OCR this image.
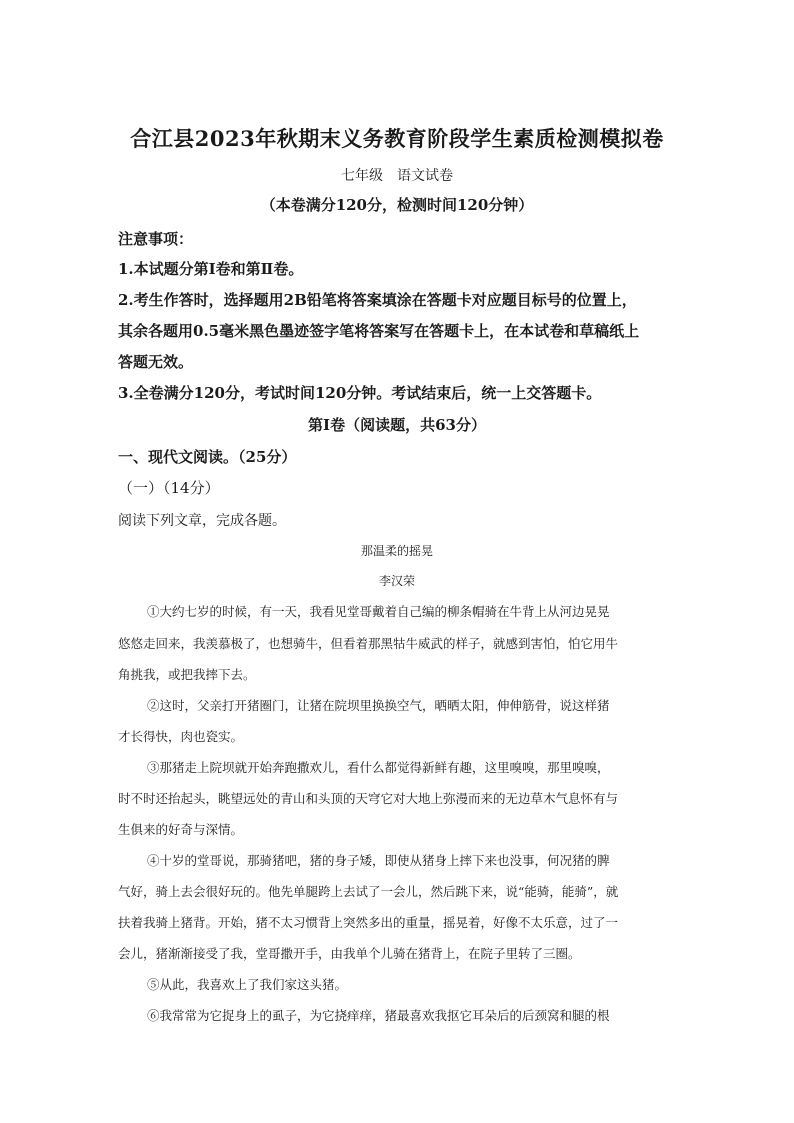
合江县2023年秋期末义务教育阶段学生素质检测模拟卷
七年级　语文试卷
（本卷满分120分，检测时间120分钟）
注意事项：
1.本试题分第Ⅰ卷和第Ⅱ卷。
2.考生作答时，选择题用2B铅笔将答案填涂在答题卡对应题目标号的位置上，
其余各题用0.5毫米黑色墨迹签字笔将答案写在答题卡上，在本试卷和草稿纸上
答题无效。
3.全卷满分120分，考试时间120分钟。考试结束后，统一上交答题卡。
第Ⅰ卷（阅读题，共63分）
一、现代文阅读。（25分）
（一）（14分）
阅读下列文章，完成各题。
那温柔的摇晃
李汉荣
①大约七岁的时候，有一天，我看见堂哥戴着自己编的柳条帽骑在牛背上从河边晃晃
悠悠走回来，我羡慕极了，也想骑牛，但看着那黑牯牛威武的样子，就感到害怕，怕它用牛
角挑我，或把我摔下去。
②这时，父亲打开猪圈门，让猪在院坝里换换空气，晒晒太阳，伸伸筋骨，说这样猪
才长得快，肉也瓷实。
③那猪走上院坝就开始奔跑撒欢儿，看什么都觉得新鲜有趣，这里嗅嗅，那里嗅嗅，
时不时还抬起头，眺望远处的青山和头顶的天穹它对大地上弥漫而来的无边草木气息怀有与
生俱来的好奇与深情。
④十岁的堂哥说，那骑猪吧，猪的身子矮，即使从猪身上摔下来也没事，何况猪的脾
气好，骑上去会很好玩的。他先单腿跨上去试了一会儿，然后跳下来，说“能骑，能骑”，就
扶着我骑上猪背。开始，猪不太习惯背上突然多出的重量，摇晃着，好像不太乐意，过了一
会儿，猪渐渐接受了我，堂哥撒开手，由我单个儿骑在猪背上，在院子里转了三圈。
⑤从此，我喜欢上了我们家这头猪。
⑥我常常为它捉身上的虱子，为它挠痒痒，猪最喜欢我抠它耳朵后的后颈窝和腿的根
